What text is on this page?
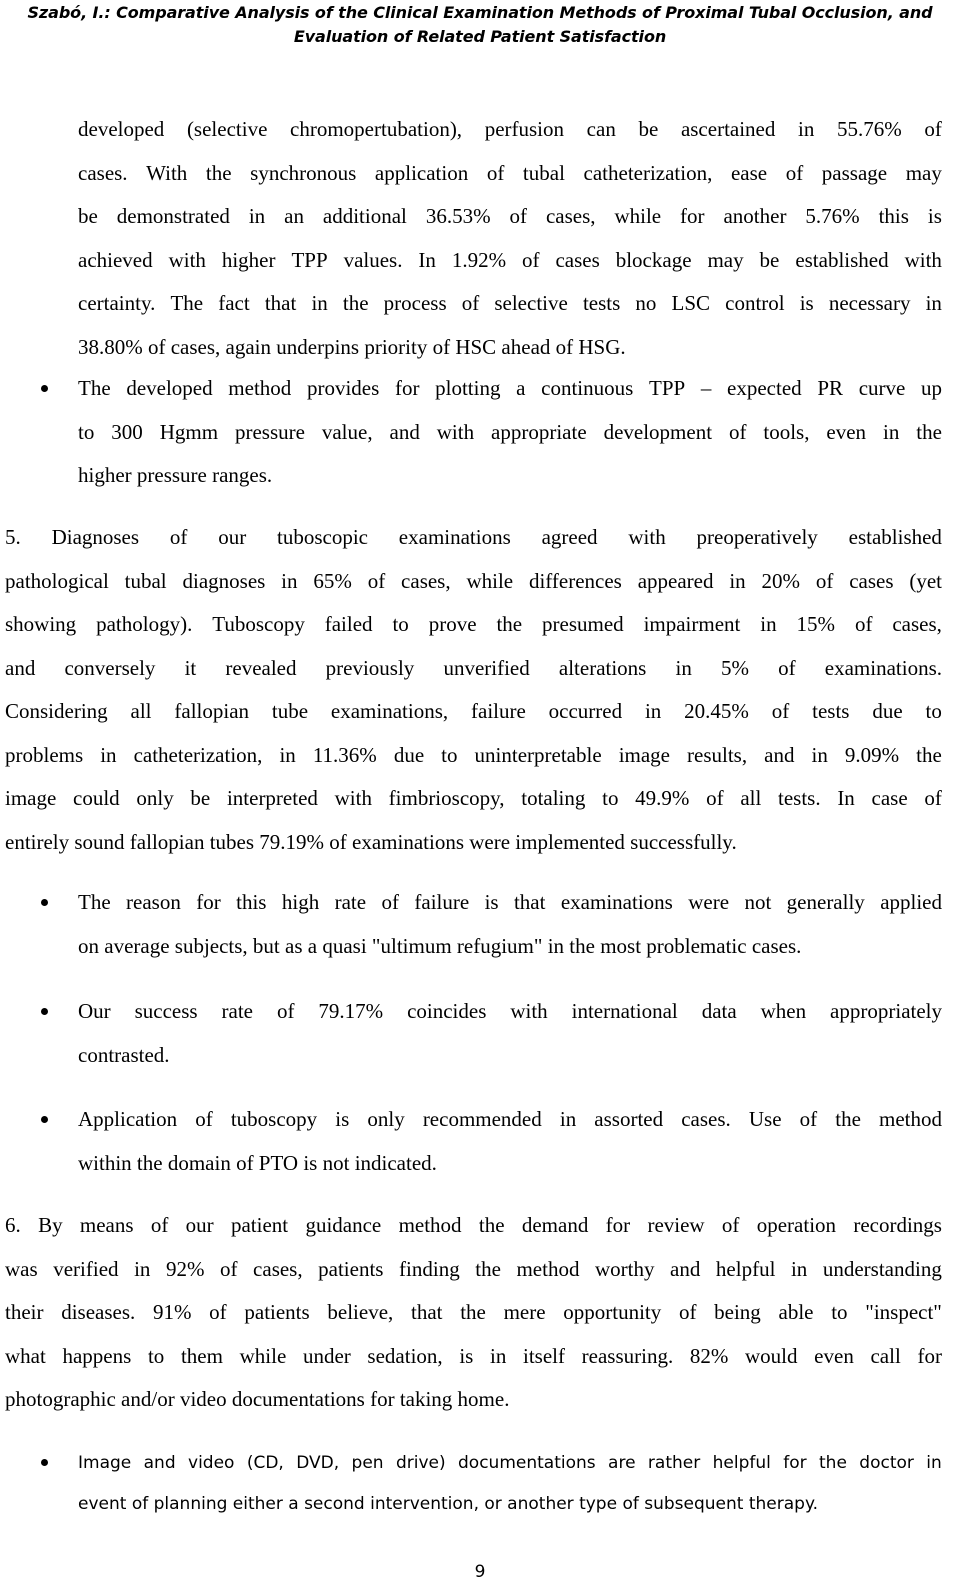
Szabó, I.: Comparative Analysis of the Clinical Examination Methods of Proximal Tubal Occlusion, and
Evaluation of Related Patient Satisfaction
developed (selective chromopertubation), perfusion can be ascertained in 55.76% of
cases. With the synchronous application of tubal catheterization, ease of passage may
be demonstrated in an additional 36.53% of cases, while for another 5.76% this is
achieved with higher TPP values. In 1.92% of cases blockage may be established with
certainty. The fact that in the process of selective tests no LSC control is necessary in
38.80% of cases, again underpins priority of HSC ahead of HSG.
The developed method provides for plotting a continuous TPP – expected PR curve up
to 300 Hgmm pressure value, and with appropriate development of tools, even in the
higher pressure ranges.
5. Diagnoses of our tuboscopic examinations agreed with preoperatively established
pathological tubal diagnoses in 65% of cases, while differences appeared in 20% of cases (yet
showing pathology). Tuboscopy failed to prove the presumed impairment in 15% of cases,
and conversely it revealed previously unverified alterations in 5% of examinations.
Considering all fallopian tube examinations, failure occurred in 20.45% of tests due to
problems in catheterization, in 11.36% due to uninterpretable image results, and in 9.09% the
image could only be interpreted with fimbrioscopy, totaling to 49.9% of all tests. In case of
entirely sound fallopian tubes 79.19% of examinations were implemented successfully.
The reason for this high rate of failure is that examinations were not generally applied
on average subjects, but as a quasi "ultimum refugium" in the most problematic cases.
Our success rate of 79.17% coincides with international data when appropriately
contrasted.
Application of tuboscopy is only recommended in assorted cases. Use of the method
within the domain of PTO is not indicated.
6. By means of our patient guidance method the demand for review of operation recordings
was verified in 92% of cases, patients finding the method worthy and helpful in understanding
their diseases. 91% of patients believe, that the mere opportunity of being able to "inspect"
what happens to them while under sedation, is in itself reassuring. 82% would even call for
photographic and/or video documentations for taking home.
Image and video (CD, DVD, pen drive) documentations are rather helpful for the doctor in
event of planning either a second intervention, or another type of subsequent therapy.
9
